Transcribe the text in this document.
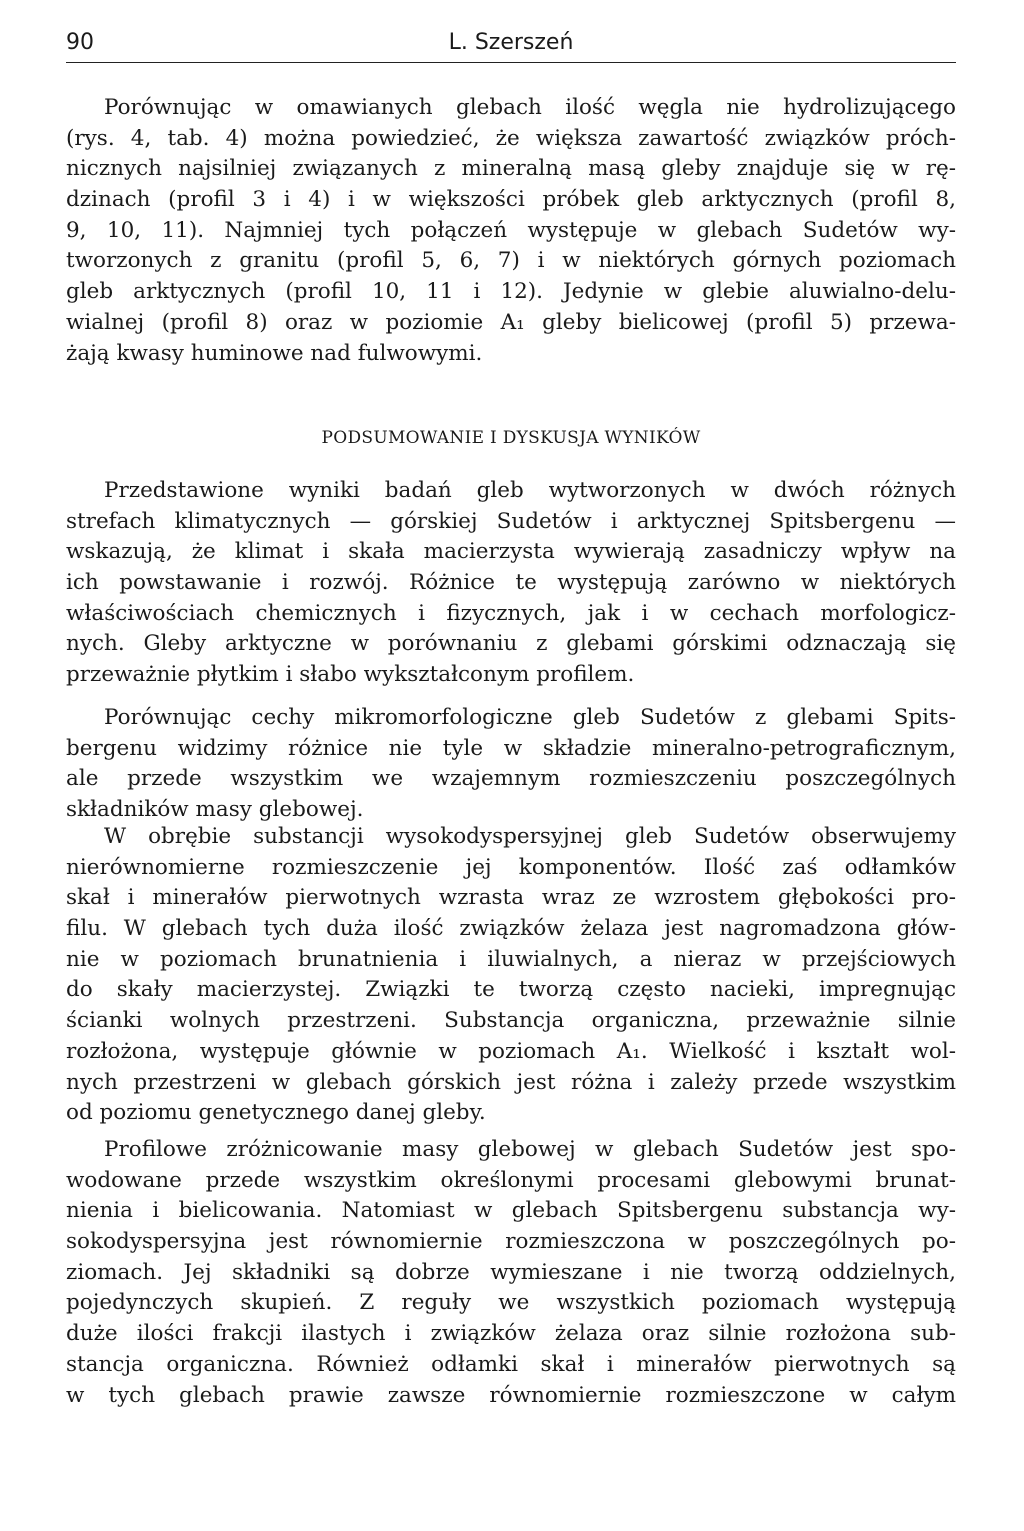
90	L. Szerszeń
Porównując w omawianych glebach ilość węgla nie hydrolizującego
(rys. 4, tab. 4) można powiedzieć, że większa zawartość związków próch-
nicznych najsilniej związanych z mineralną masą gleby znajduje się w rę-
dzinach (profil 3 i 4) i w większości próbek gleb arktycznych (profil 8,
9, 10, 11). Najmniej tych połączeń występuje w glebach Sudetów wy-
tworzonych z granitu (profil 5, 6, 7) i w niektórych górnych poziomach
gleb arktycznych (profil 10, 11 i 12). Jedynie w glebie aluwialno-delu-
wialnej (profil 8) oraz w poziomie A₁ gleby bielicowej (profil 5) przewa-
żają kwasy huminowe nad fulwowymi.
PODSUMOWANIE I DYSKUSJA WYNIKÓW
Przedstawione wyniki badań gleb wytworzonych w dwóch różnych
strefach klimatycznych — górskiej Sudetów i arktycznej Spitsbergenu —
wskazują, że klimat i skała macierzysta wywierają zasadniczy wpływ na
ich powstawanie i rozwój. Różnice te występują zarówno w niektórych
właściwościach chemicznych i fizycznych, jak i w cechach morfologicz-
nych. Gleby arktyczne w porównaniu z glebami górskimi odznaczają się
przeważnie płytkim i słabo wykształconym profilem.
Porównując cechy mikromorfologiczne gleb Sudetów z glebami Spits-
bergenu widzimy różnice nie tyle w składzie mineralno-petrograficznym,
ale przede wszystkim we wzajemnym rozmieszczeniu poszczególnych
składników masy glebowej.
W obrębie substancji wysokodyspersyjnej gleb Sudetów obserwujemy
nierównomierne rozmieszczenie jej komponentów. Ilość zaś odłamków
skał i minerałów pierwotnych wzrasta wraz ze wzrostem głębokości pro-
filu. W glebach tych duża ilość związków żelaza jest nagromadzona głów-
nie w poziomach brunatnienia i iluwialnych, a nieraz w przejściowych
do skały macierzystej. Związki te tworzą często nacieki, impregnując
ścianki wolnych przestrzeni. Substancja organiczna, przeważnie silnie
rozłożona, występuje głównie w poziomach A₁. Wielkość i kształt wol-
nych przestrzeni w glebach górskich jest różna i zależy przede wszystkim
od poziomu genetycznego danej gleby.
Profilowe zróżnicowanie masy glebowej w glebach Sudetów jest spo-
wodowane przede wszystkim określonymi procesami glebowymi brunat-
nienia i bielicowania. Natomiast w glebach Spitsbergenu substancja wy-
sokodyspersyjna jest równomiernie rozmieszczona w poszczególnych po-
ziomach. Jej składniki są dobrze wymieszane i nie tworzą oddzielnych,
pojedynczych skupień. Z reguły we wszystkich poziomach występują
duże ilości frakcji ilastych i związków żelaza oraz silnie rozłożona sub-
stancja organiczna. Również odłamki skał i minerałów pierwotnych są
w tych glebach prawie zawsze równomiernie rozmieszczone w całym
